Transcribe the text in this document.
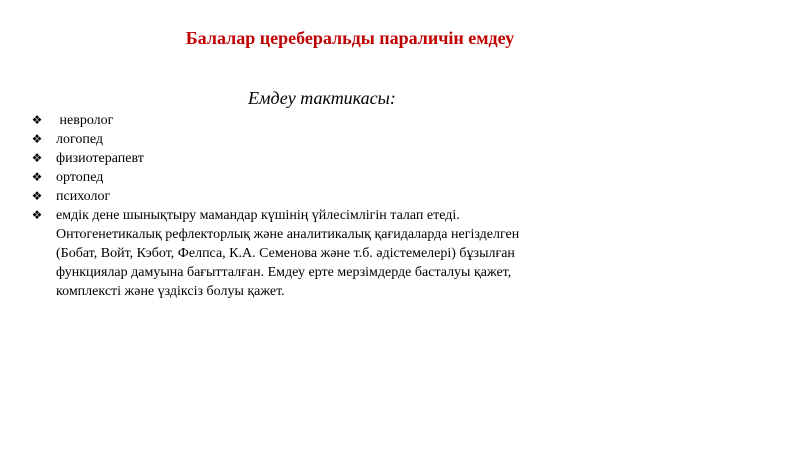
Балалар цереберальды параличін емдеу
Емдеу тактикасы:
❖ невролог
❖ логопед
❖ физиотерапевт
❖ ортопед
❖ психолог
❖ емдік дене шынықтыру мамандар күшінің үйлесімлігін талап етеді.
Онтогенетикалық рефлекторлық және аналитикалық қағидаларда негізделген
(Бобат, Войт, Кэбот, Фелпса, К.А. Семенова және т.б. әдістемелері) бұзылған
функциялар дамуына бағытталған. Емдеу ерте мерзімдерде басталуы қажет,
комплексті және үздіксіз болуы қажет.
